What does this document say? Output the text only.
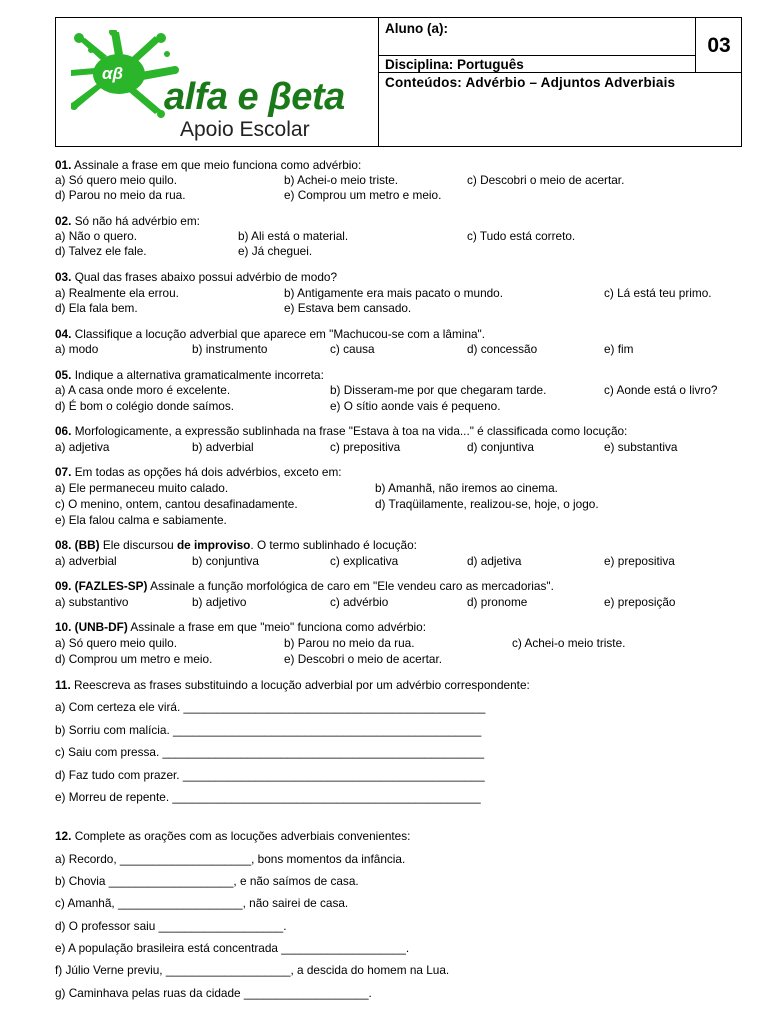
αβ
alfa e βeta
Apoio Escolar
Aluno (a):
Disciplina: Português
Conteúdos: Advérbio – Adjuntos Adverbiais
03
01. Assinale a frase em que meio funciona como advérbio:
a) Só quero meio quilo.	b) Achei-o meio triste.	c) Descobri o meio de acertar.
d) Parou no meio da rua.	e) Comprou um metro e meio.
02. Só não há advérbio em:
a) Não o quero.	b) Ali está o material.	c) Tudo está correto.
d) Talvez ele fale.	e) Já cheguei.
03. Qual das frases abaixo possui advérbio de modo?
a) Realmente ela errou.	b) Antigamente era mais pacato o mundo.	c) Lá está teu primo.
d) Ela fala bem.	e) Estava bem cansado.
04. Classifique a locução adverbial que aparece em "Machucou-se com a lâmina".
a) modo	b) instrumento	c) causa	d) concessão	e) fim
05. Indique a alternativa gramaticalmente incorreta:
a) A casa onde moro é excelente.	b) Disseram-me por que chegaram tarde.	c) Aonde está o livro?
d) É bom o colégio donde saímos.	e) O sítio aonde vais é pequeno.
06. Morfologicamente, a expressão sublinhada na frase "Estava à toa na vida..." é classificada como locução:
a) adjetiva	b) adverbial	c) prepositiva	d) conjuntiva	e) substantiva
07. Em todas as opções há dois advérbios, exceto em:
a) Ele permaneceu muito calado.	b) Amanhã, não iremos ao cinema.
c) O menino, ontem, cantou desafinadamente.	d) Traqüilamente, realizou-se, hoje, o jogo.
e) Ela falou calma e sabiamente.
08. (BB) Ele discursou de improviso. O termo sublinhado é locução:
a) adverbial	b) conjuntiva	c) explicativa	d) adjetiva	e) prepositiva
09. (FAZLES-SP) Assinale a função morfológica de caro em "Ele vendeu caro as mercadorias".
a) substantivo	b) adjetivo	c) advérbio	d) pronome	e) preposição
10. (UNB-DF) Assinale a frase em que "meio" funciona como advérbio:
a) Só quero meio quilo.	b) Parou no meio da rua.	c) Achei-o meio triste.
d) Comprou um metro e meio.	e) Descobri o meio de acertar.
11. Reescreva as frases substituindo a locução adverbial por um advérbio correspondente:
a) Com certeza ele virá. ______________________________________________
b) Sorriu com malícia. _______________________________________________
c) Saiu com pressa. _________________________________________________
d) Faz tudo com prazer. ______________________________________________
e) Morreu de repente. _______________________________________________
12. Complete as orações com as locuções adverbiais convenientes:
a) Recordo, ____________________, bons momentos da infância.
b) Chovia ___________________, e não saímos de casa.
c) Amanhã, ___________________, não sairei de casa.
d) O professor saiu ___________________.
e) A população brasileira está concentrada ___________________.
f) Júlio Verne previu, ___________________, a descida do homem na Lua.
g) Caminhava pelas ruas da cidade ___________________.
